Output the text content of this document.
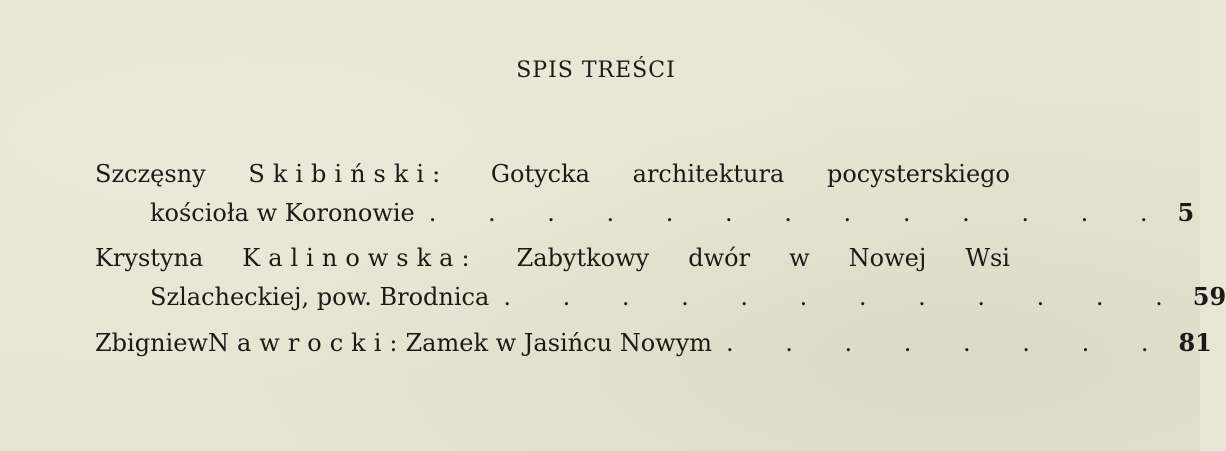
SPIS TREŚCI
Szczęsny Skibiński: Gotycka architektura pocysterskiego
kościoła w Koronowie . . . . . . . . . . . . . 5
Krystyna Kalinowska: Zabytkowy dwór w Nowej Wsi
Szlacheckiej, pow. Brodnica . . . . . . . . . . . . 59
Zbigniew Nawrocki: Zamek w Jasińcu Nowym . . . . . . . . 81
